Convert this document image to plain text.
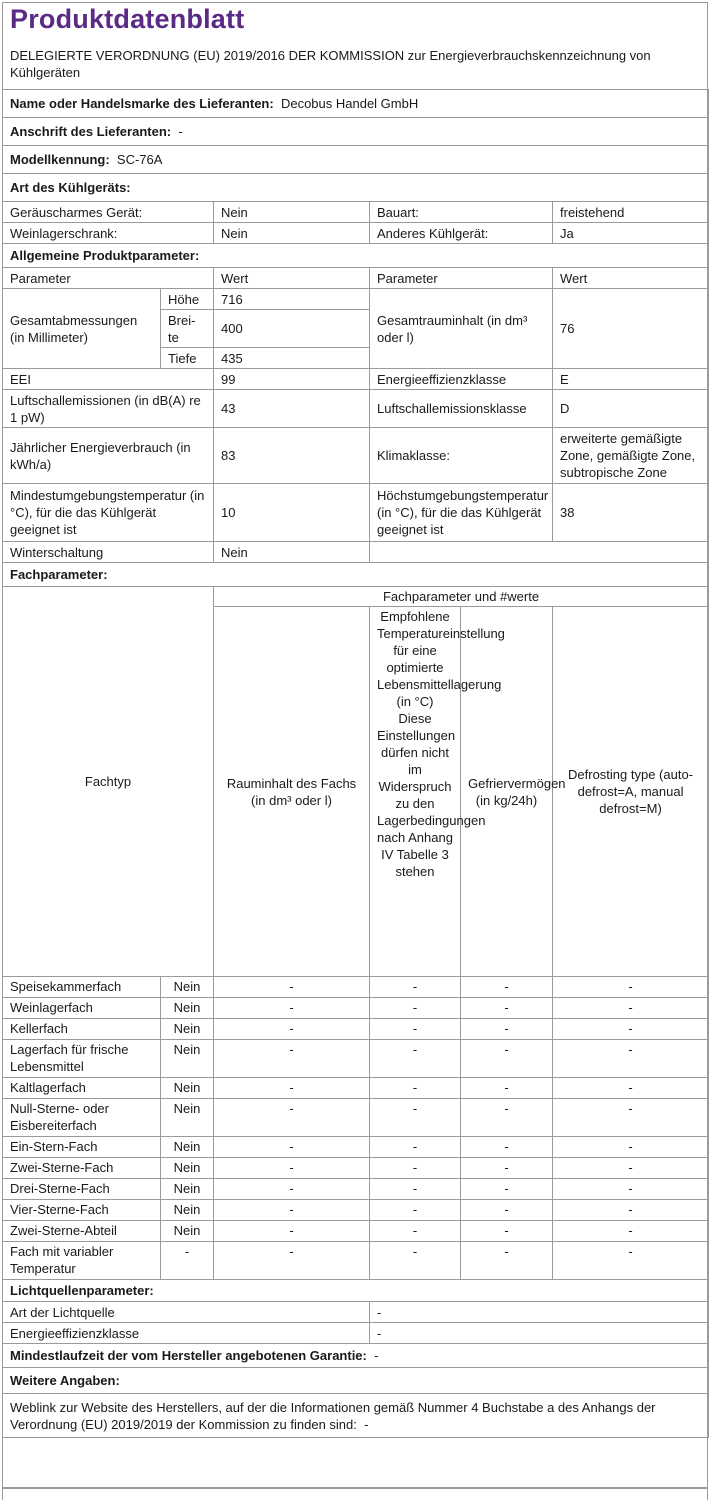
Produktdatenblatt
DELEGIERTE VERORDNUNG (EU) 2019/2016 DER KOMMISSION zur Energieverbrauchskennzeichnung von Kühlgeräten
Name oder Handelsmarke des Lieferanten: Decobus Handel GmbH					
Anschrift des Lieferanten: -					
Modellkennung: SC-76A					
Art des Kühlgeräts:					
Geräuscharmes Gerät:		Nein	Bauart:		freistehend
Weinlagerschrank:		Nein	Anderes Kühlgerät:		Ja
Allgemeine Produktparameter:					
Parameter		Wert	Parameter		Wert
Gesamtabmessungen (in Millimeter)	Höhe	716	Gesamtrauminhalt (in dm³ oder l)		76
	Brei-te	400			
	Tiefe	435			
EEI		99	Energieeffizienzklasse		E
Luftschallemissionen (in dB(A) re 1 pW)		43	Luftschallemissionsklasse		D
Jährlicher Energieverbrauch (in kWh/a)		83	Klimaklasse:		erweiterte gemäßigte Zone, gemäßigte Zone, subtropische Zone
Mindestumgebungstemperatur (in °C), für die das Kühlgerät geeignet ist		10	Höchstumgebungstemperatur (in °C), für die das Kühlgerät geeignet ist		38
Winterschaltung		Nein			
Fachparameter:					
Fachtyp		Fachparameter und #werte			
		Rauminhalt des Fachs (in dm³ oder l)	Empfohlene Temperatureinstellung für eine optimierte Lebensmittellagerung (in °C)
Diese Einstellungen dürfen nicht im Widerspruch zu den Lagerbedingungen nach Anhang IV Tabelle 3 stehen	Gefriervermögen (in kg/24h)	Defrosting type (auto-defrost=A, manual defrost=M)
Speisekammerfach	Nein	-	-	-	-
Weinlagerfach	Nein	-	-	-	-
Kellerfach	Nein	-	-	-	-
Lagerfach für frische Lebensmittel	Nein	-	-	-	-
Kaltlagerfach	Nein	-	-	-	-
Null-Sterne- oder Eisbereiterfach	Nein	-	-	-	-
Ein-Stern-Fach	Nein	-	-	-	-
Zwei-Sterne-Fach	Nein	-	-	-	-
Drei-Sterne-Fach	Nein	-	-	-	-
Vier-Sterne-Fach	Nein	-	-	-	-
Zwei-Sterne-Abteil	Nein	-	-	-	-
Fach mit variabler Temperatur	-	-	-	-	-
Lichtquellenparameter:					
Art der Lichtquelle			-		
Energieeffizienzklasse			-		
Mindestlaufzeit der vom Hersteller angebotenen Garantie: -					
Weitere Angaben:					
Weblink zur Website des Herstellers, auf der die Informationen gemäß Nummer 4 Buchstabe a des Anhangs der Verordnung (EU) 2019/2019 der Kommission zu finden sind: -					
